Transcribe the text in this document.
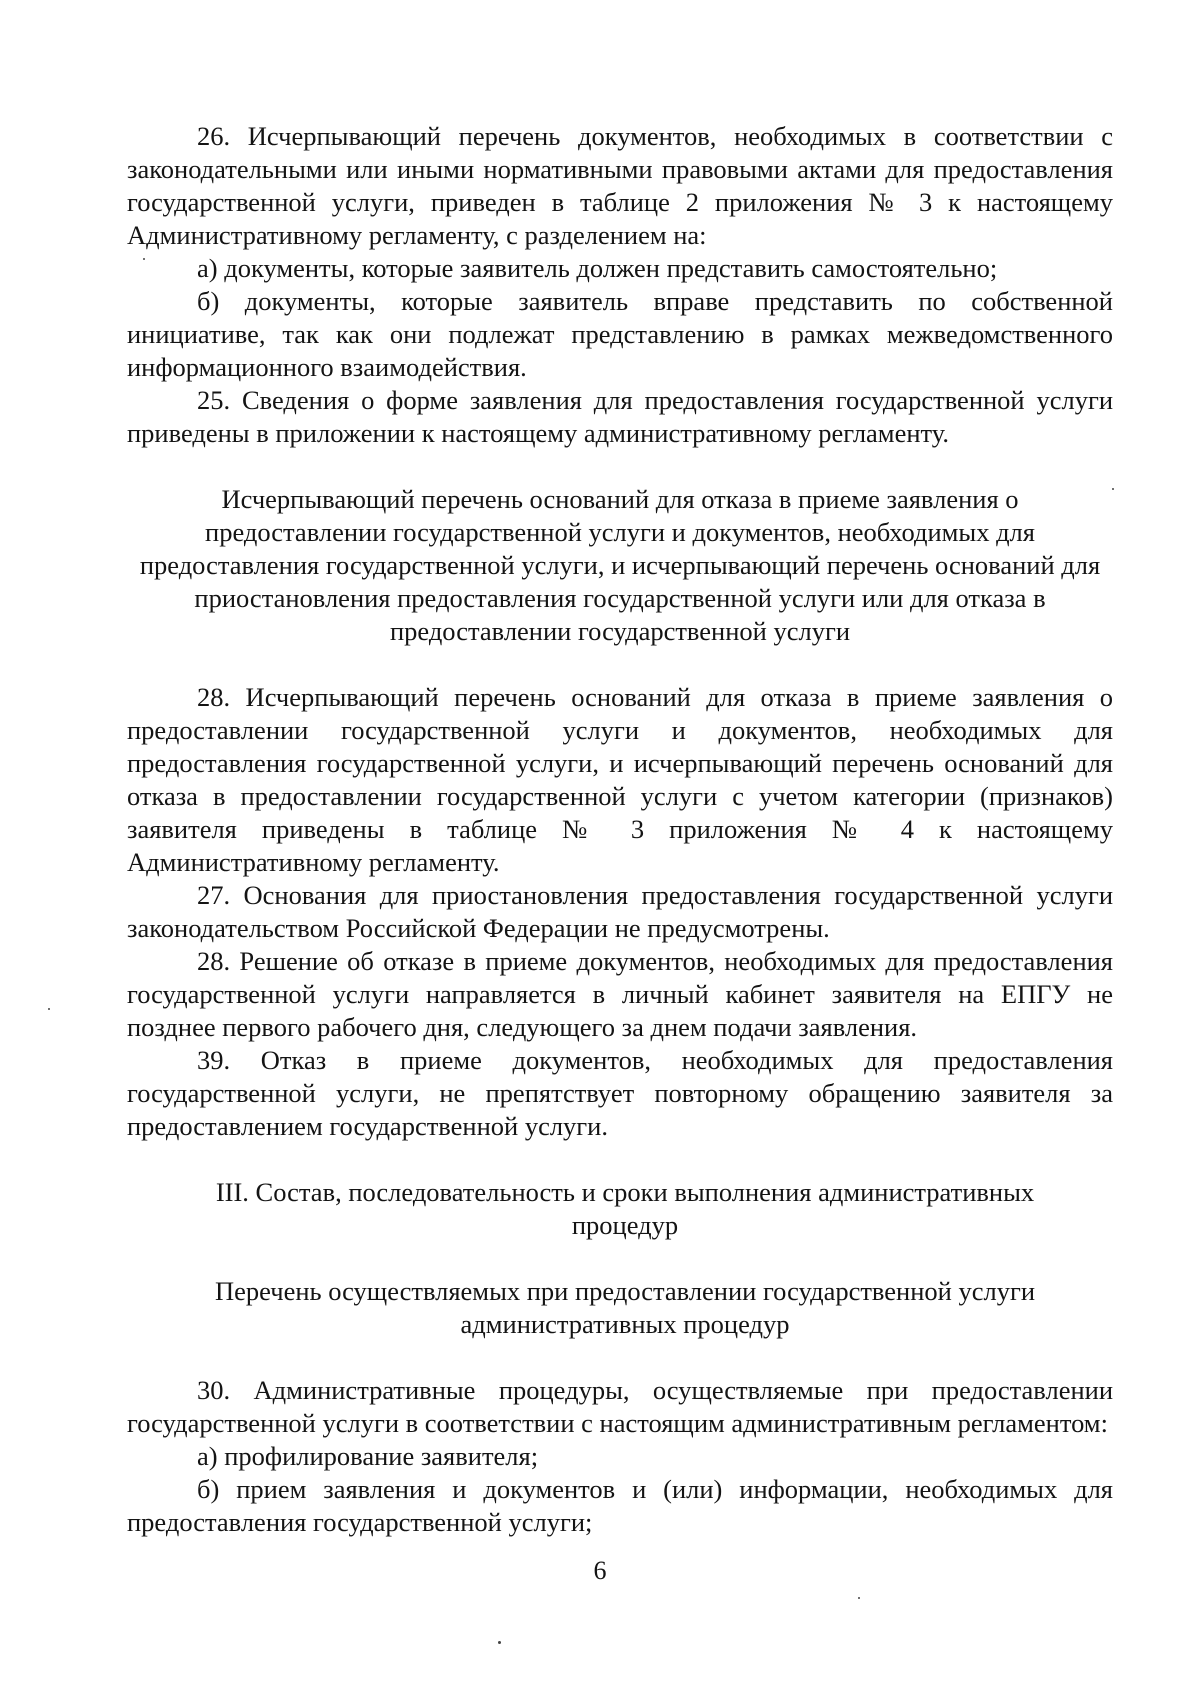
26. Исчерпывающий перечень документов, необходимых в соответствии с законодательными или иными нормативными правовыми актами для предоставления государственной услуги, приведен в таблице 2 приложения № 3 к настоящему Административному регламенту, с разделением на:

а) документы, которые заявитель должен представить самостоятельно;

б) документы, которые заявитель вправе представить по собственной инициативе, так как они подлежат представлению в рамках межведомственного информационного взаимодействия.

25. Сведения о форме заявления для предоставления государственной услуги приведены в приложении к настоящему административному регламенту.

Исчерпывающий перечень оснований для отказа в приеме заявления о предоставлении государственной услуги и документов, необходимых для предоставления государственной услуги, и исчерпывающий перечень оснований для приостановления предоставления государственной услуги или для отказа в предоставлении государственной услуги

28. Исчерпывающий перечень оснований для отказа в приеме заявления о предоставлении государственной услуги и документов, необходимых для предоставления государственной услуги, и исчерпывающий перечень оснований для отказа в предоставлении государственной услуги с учетом категории (признаков) заявителя приведены в таблице № 3 приложения № 4 к настоящему Административному регламенту.

27. Основания для приостановления предоставления государственной услуги законодательством Российской Федерации не предусмотрены.

28. Решение об отказе в приеме документов, необходимых для предоставления государственной услуги направляется в личный кабинет заявителя на ЕПГУ не позднее первого рабочего дня, следующего за днем подачи заявления.

39. Отказ в приеме документов, необходимых для предоставления государственной услуги, не препятствует повторному обращению заявителя за предоставлением государственной услуги.

III. Состав, последовательность и сроки выполнения административных процедур

Перечень осуществляемых при предоставлении государственной услуги административных процедур

30. Административные процедуры, осуществляемые при предоставлении государственной услуги в соответствии с настоящим административным регламентом:

а) профилирование заявителя;

б) прием заявления и документов и (или) информации, необходимых для предоставления государственной услуги;

6
